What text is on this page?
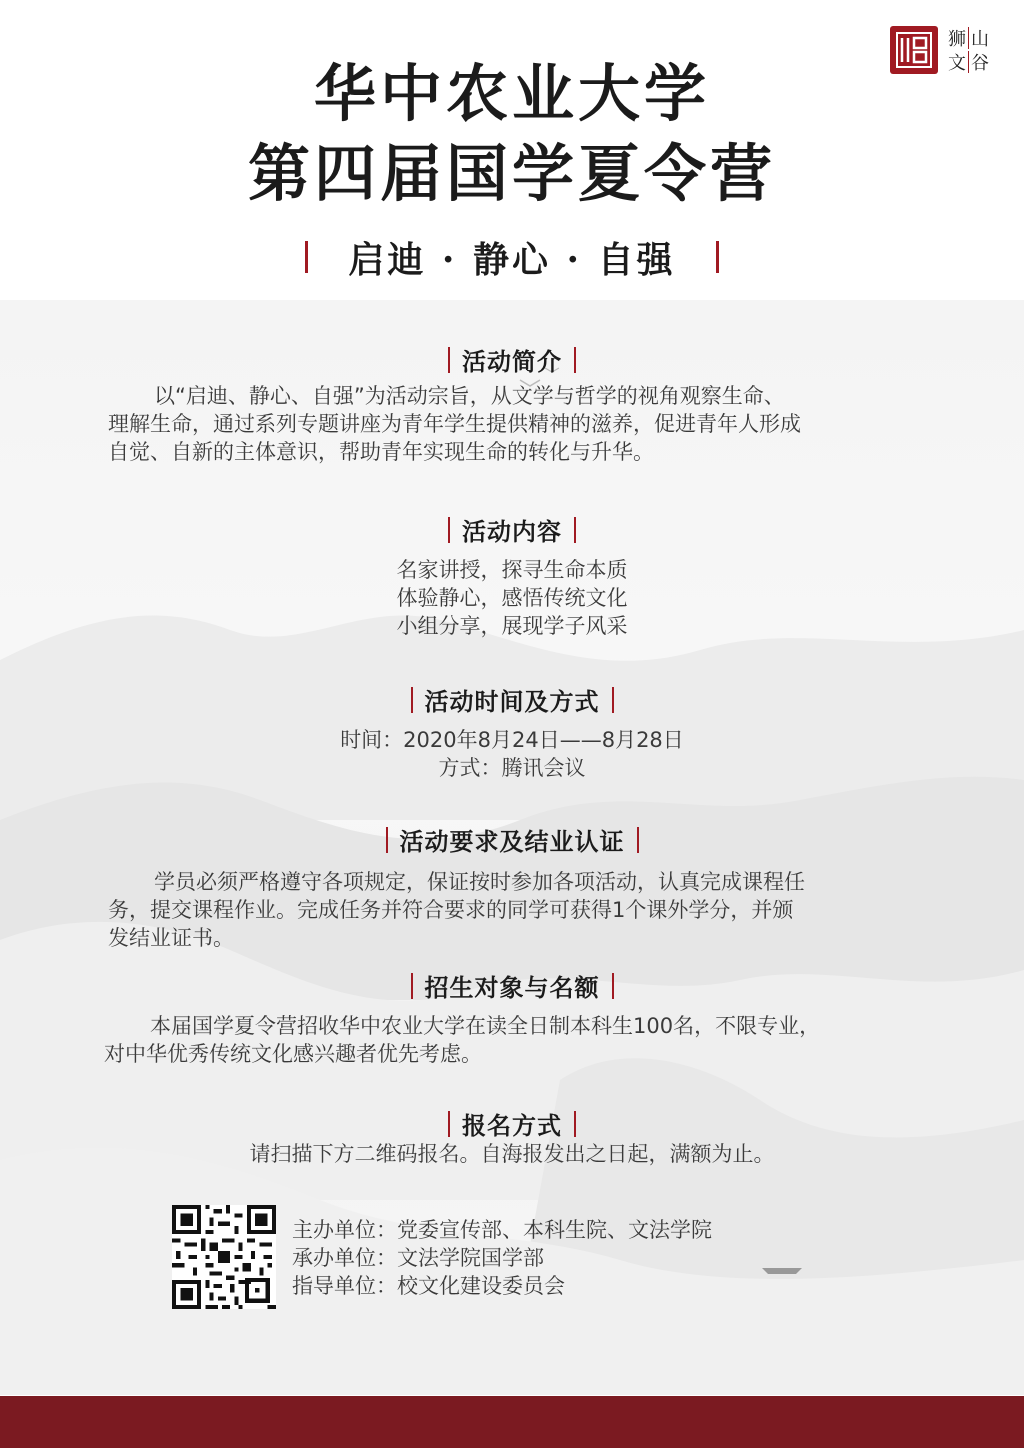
狮 山
文 谷
华中农业大学
第四届国学夏令营
启迪 · 静心 · 自强
活动简介
以“启迪、静心、自强”为活动宗旨，从文学与哲学的视角观察生命、
理解生命，通过系列专题讲座为青年学生提供精神的滋养，促进青年人形成
自觉、自新的主体意识，帮助青年实现生命的转化与升华。
活动内容
名家讲授，探寻生命本质
体验静心，感悟传统文化
小组分享，展现学子风采
活动时间及方式
时间：2020年8月24日——8月28日
方式：腾讯会议
活动要求及结业认证
学员必须严格遵守各项规定，保证按时参加各项活动，认真完成课程任
务，提交课程作业。完成任务并符合要求的同学可获得1个课外学分，并颁
发结业证书。
招生对象与名额
本届国学夏令营招收华中农业大学在读全日制本科生100名，不限专业，
对中华优秀传统文化感兴趣者优先考虑。
报名方式
请扫描下方二维码报名。自海报发出之日起，满额为止。
主办单位：党委宣传部、本科生院、文法学院
承办单位：文法学院国学部
指导单位：校文化建设委员会
